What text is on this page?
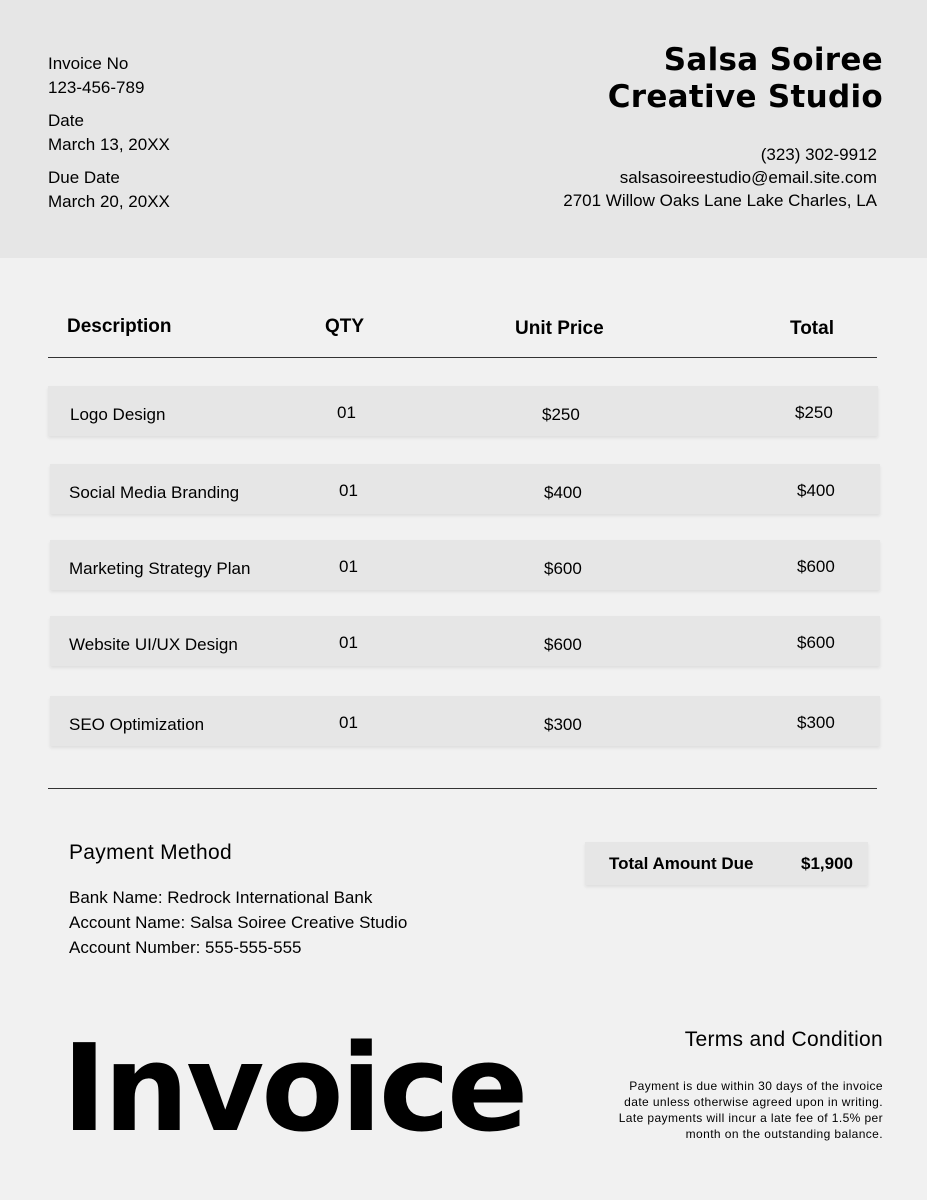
Invoice No
123-456-789
Date
March 13, 20XX
Due Date
March 20, 20XX
Salsa Soiree
Creative Studio
(323) 302-9912
salsasoireestudio@email.site.com
2701 Willow Oaks Lane Lake Charles, LA
Description	QTY	Unit Price	Total
Logo Design	01	$250	$250
Social Media Branding	01	$400	$400
Marketing Strategy Plan	01	$600	$600
Website UI/UX Design	01	$600	$600
SEO Optimization	01	$300	$300
Payment Method
Bank Name: Redrock International Bank
Account Name: Salsa Soiree Creative Studio
Account Number: 555-555-555
Total Amount Due	$1,900
Invoice	Terms and Condition
Payment is due within 30 days of the invoice
date unless otherwise agreed upon in writing.
Late payments will incur a late fee of 1.5% per
month on the outstanding balance.
